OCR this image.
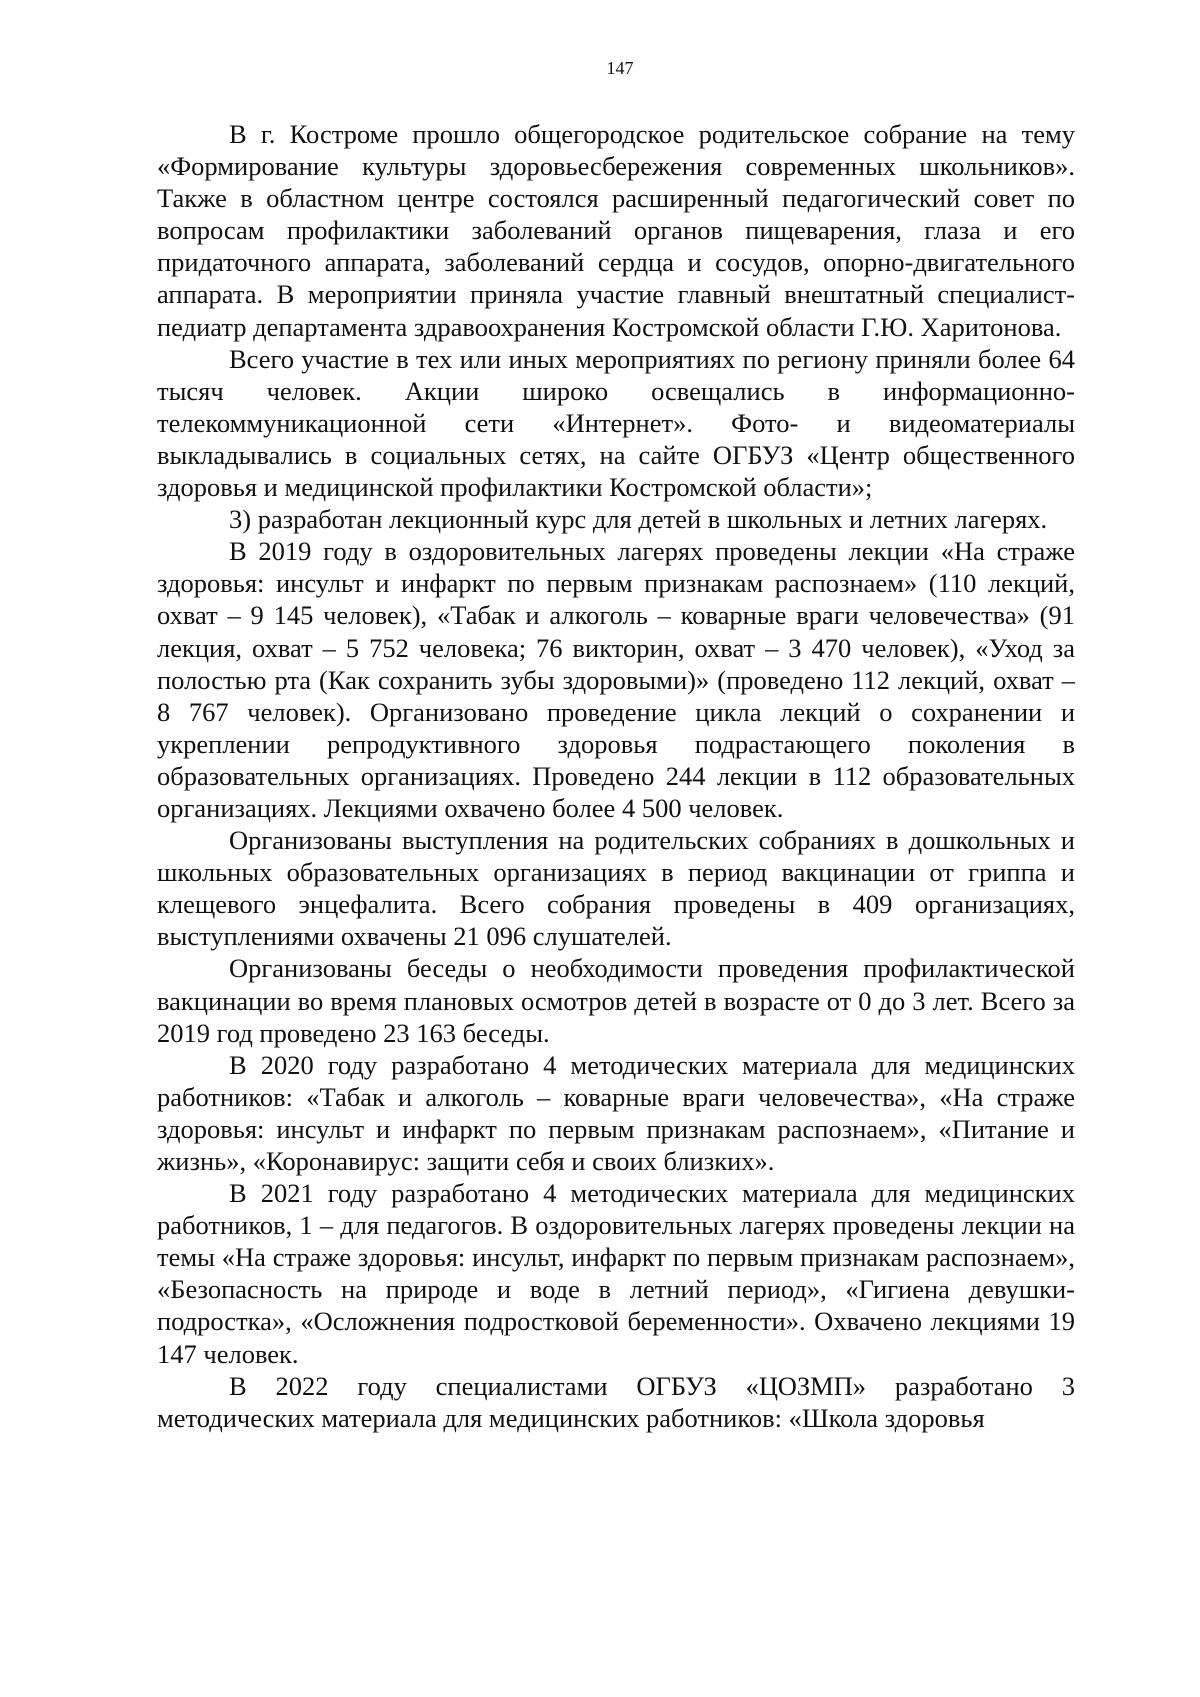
147

В г. Костроме прошло общегородское родительское собрание на тему «Формирование культуры здоровьесбережения современных школьников». Также в областном центре состоялся расширенный педагогический совет по вопросам профилактики заболеваний органов пищеварения, глаза и его придаточного аппарата, заболеваний сердца и сосудов, опорно-двигательного аппарата. В мероприятии приняла участие главный внештатный специалист-педиатр департамента здравоохранения Костромской области Г.Ю. Харитонова.

Всего участие в тех или иных мероприятиях по региону приняли более 64 тысяч человек. Акции широко освещались в информационно-телекоммуникационной сети «Интернет». Фото- и видеоматериалы выкладывались в социальных сетях, на сайте ОГБУЗ «Центр общественного здоровья и медицинской профилактики Костромской области»;

3) разработан лекционный курс для детей в школьных и летних лагерях.

В 2019 году в оздоровительных лагерях проведены лекции «На страже здоровья: инсульт и инфаркт по первым признакам распознаем» (110 лекций, охват – 9 145 человек), «Табак и алкоголь – коварные враги человечества» (91 лекция, охват – 5 752 человека; 76 викторин, охват – 3 470 человек), «Уход за полостью рта (Как сохранить зубы здоровыми)» (проведено 112 лекций, охват – 8 767 человек). Организовано проведение цикла лекций о сохранении и укреплении репродуктивного здоровья подрастающего поколения в образовательных организациях. Проведено 244 лекции в 112 образовательных организациях. Лекциями охвачено более 4 500 человек.

Организованы выступления на родительских собраниях в дошкольных и школьных образовательных организациях в период вакцинации от гриппа и клещевого энцефалита. Всего собрания проведены в 409 организациях, выступлениями охвачены 21 096 слушателей.

Организованы беседы о необходимости проведения профилактической вакцинации во время плановых осмотров детей в возрасте от 0 до 3 лет. Всего за 2019 год проведено 23 163 беседы.

В 2020 году разработано 4 методических материала для медицинских работников: «Табак и алкоголь – коварные враги человечества», «На страже здоровья: инсульт и инфаркт по первым признакам распознаем», «Питание и жизнь», «Коронавирус: защити себя и своих близких».

В 2021 году разработано 4 методических материала для медицинских работников, 1 – для педагогов. В оздоровительных лагерях проведены лекции на темы «На страже здоровья: инсульт, инфаркт по первым признакам распознаем», «Безопасность на природе и воде в летний период», «Гигиена девушки-подростка», «Осложнения подростковой беременности». Охвачено лекциями 19 147 человек.

В 2022 году специалистами ОГБУЗ «ЦОЗМП» разработано 3 методических материала для медицинских работников: «Школа здоровья
